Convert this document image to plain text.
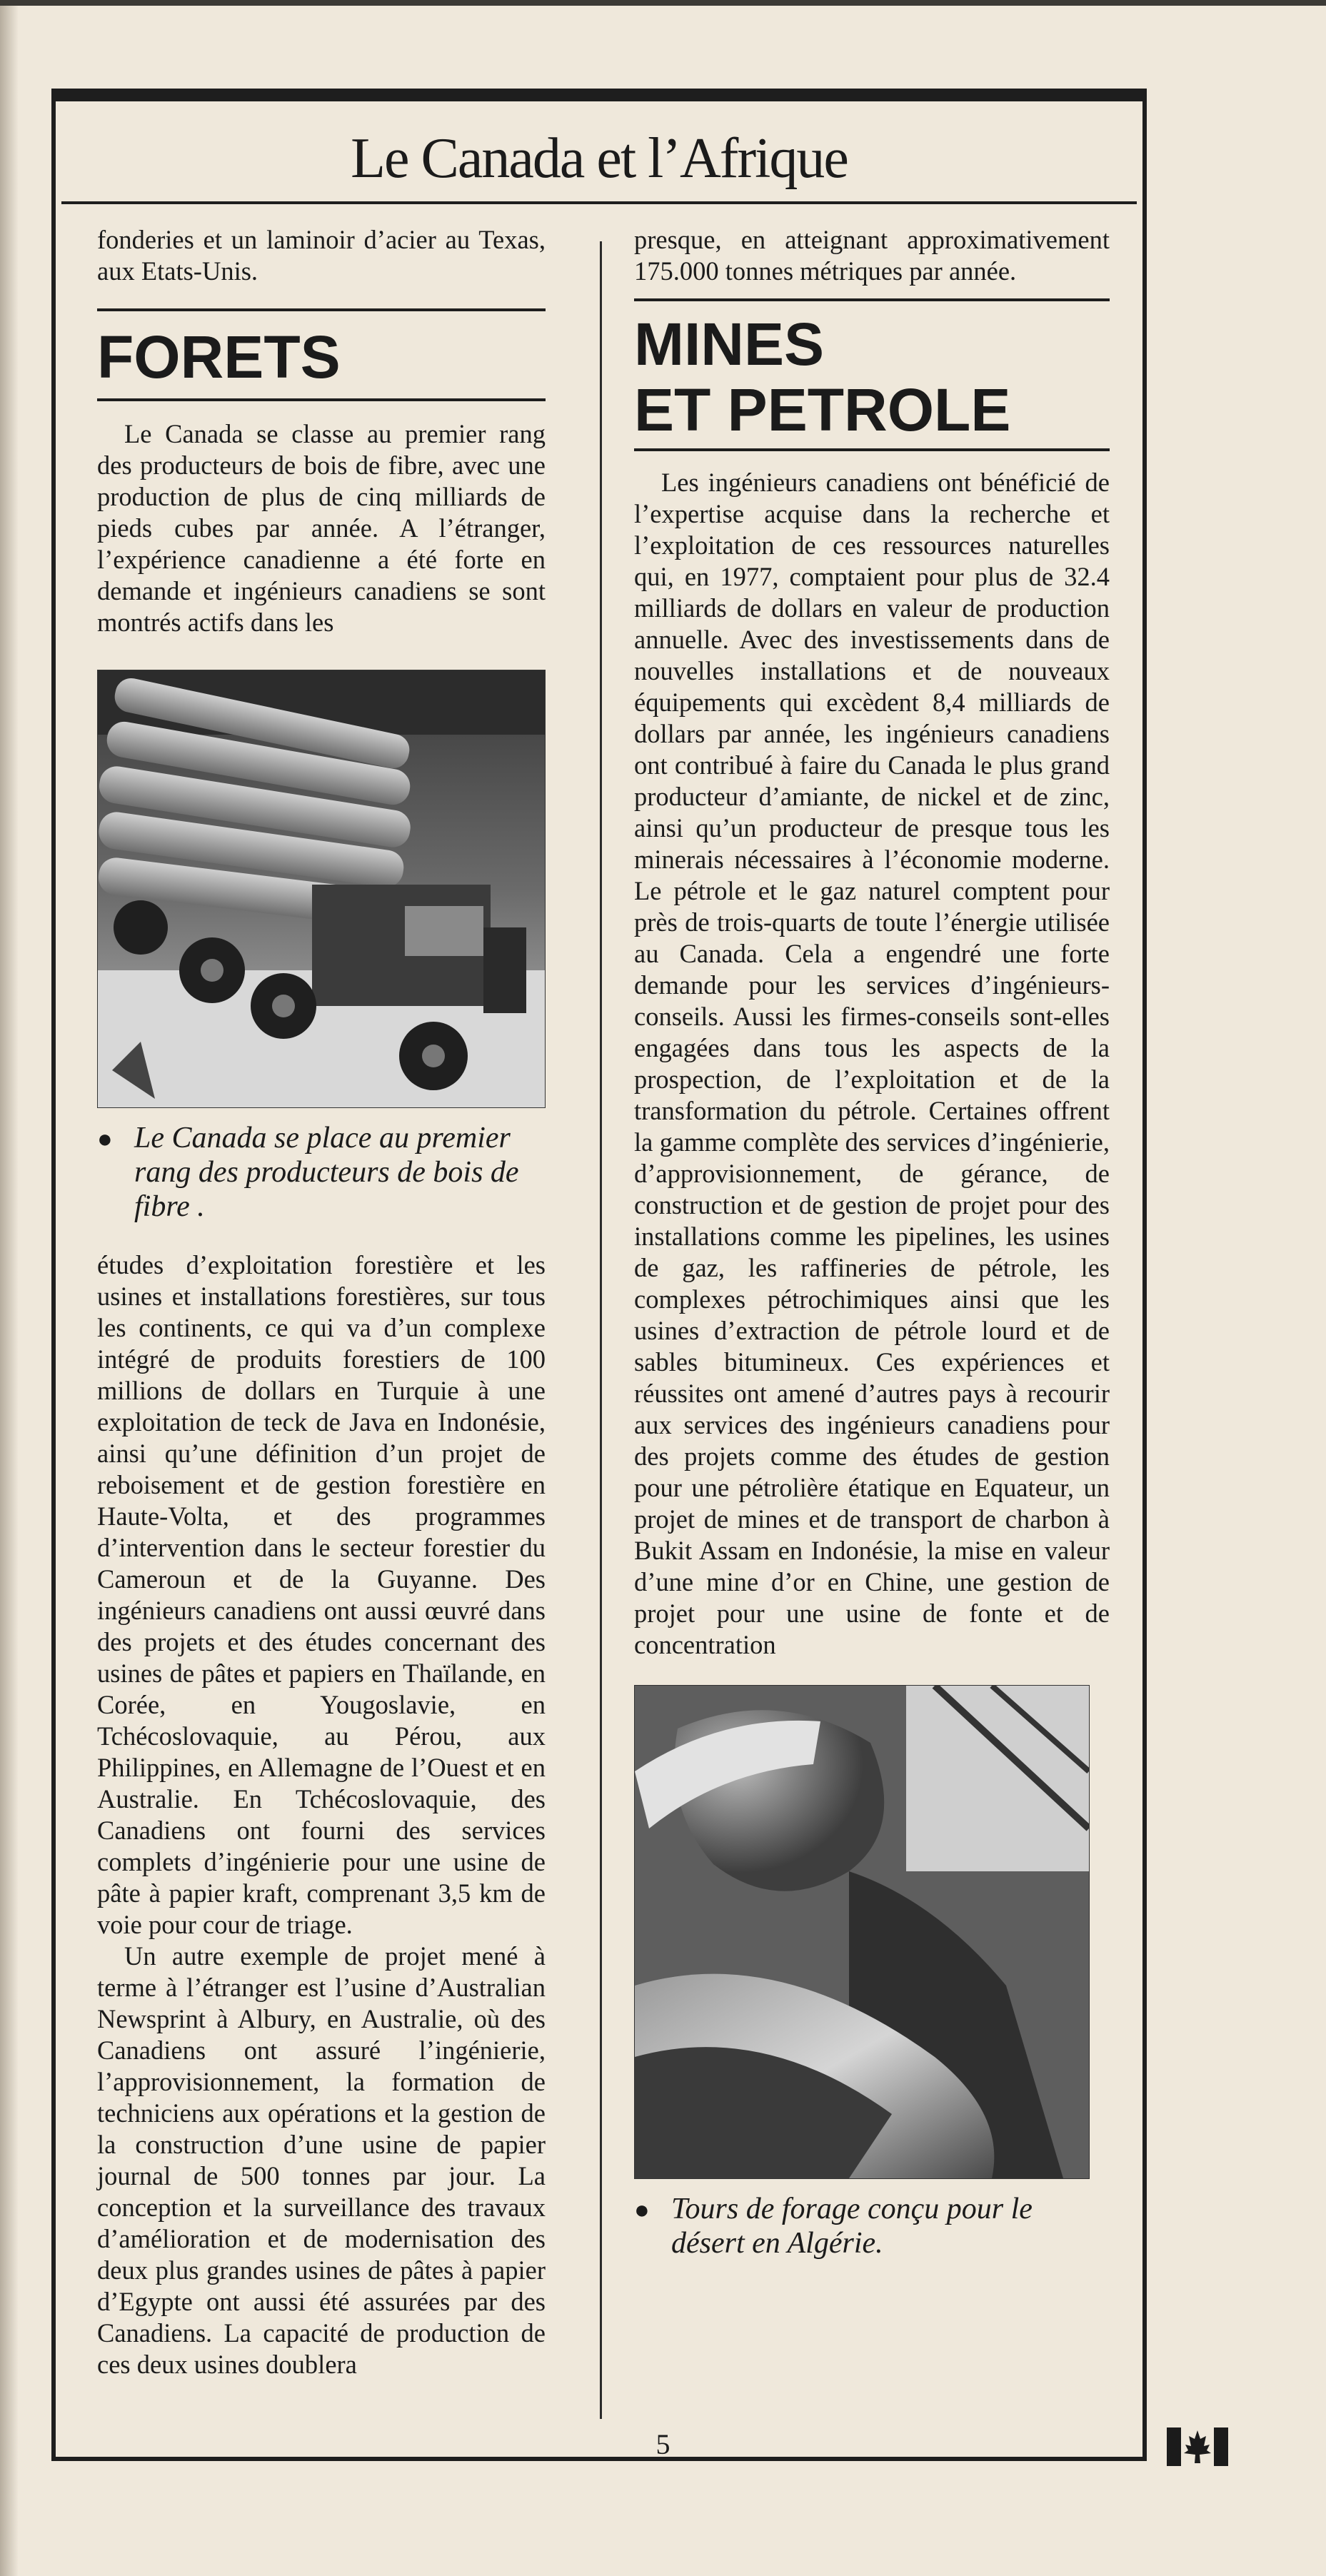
Le Canada et l’Afrique

fonderies et un laminoir d’acier au Texas, aux Etats-Unis.

FORETS

Le Canada se classe au premier rang des producteurs de bois de fibre, avec une production de plus de cinq milliards de pieds cubes par année. A l’étranger, l’expérience canadienne a été forte en demande et ingénieurs canadiens se sont montrés actifs dans les

● Le Canada se place au premier rang des producteurs de bois de fibre .

études d’exploitation forestière et les usines et installations forestières, sur tous les continents, ce qui va d’un complexe intégré de produits forestiers de 100 millions de dollars en Turquie à une exploitation de teck de Java en Indonésie, ainsi qu’une définition d’un projet de reboisement et de gestion forestière en Haute-Volta, et des programmes d’intervention dans le secteur forestier du Cameroun et de la Guyanne. Des ingénieurs canadiens ont aussi œuvré dans des projets et des études concernant des usines de pâtes et papiers en Thaïlande, en Corée, en Yougoslavie, en Tchécoslovaquie, au Pérou, aux Philippines, en Allemagne de l’Ouest et en Australie. En Tchécoslovaquie, des Canadiens ont fourni des services complets d’ingénierie pour une usine de pâte à papier kraft, comprenant 3,5 km de voie pour cour de triage.

Un autre exemple de projet mené à terme à l’étranger est l’usine d’Australian Newsprint à Albury, en Australie, où des Canadiens ont assuré l’ingénierie, l’approvisionnement, la formation de techniciens aux opérations et la gestion de la construction d’une usine de papier journal de 500 tonnes par jour. La conception et la surveillance des travaux d’amélioration et de modernisation des deux plus grandes usines de pâtes à papier d’Egypte ont aussi été assurées par des Canadiens. La capacité de production de ces deux usines doublera

presque, en atteignant approximativement 175.000 tonnes métriques par année.

MINES
ET PETROLE

Les ingénieurs canadiens ont bénéficié de l’expertise acquise dans la recherche et l’exploitation de ces ressources naturelles qui, en 1977, comptaient pour plus de 32.4 milliards de dollars en valeur de production annuelle. Avec des investissements dans de nouvelles installations et de nouveaux équipements qui excèdent 8,4 milliards de dollars par année, les ingénieurs canadiens ont contribué à faire du Canada le plus grand producteur d’amiante, de nickel et de zinc, ainsi qu’un producteur de presque tous les minerais nécessaires à l’économie moderne. Le pétrole et le gaz naturel comptent pour près de trois-quarts de toute l’énergie utilisée au Canada. Cela a engendré une forte demande pour les services d’ingénieurs-conseils. Aussi les firmes-conseils sont-elles engagées dans tous les aspects de la prospection, de l’exploitation et de la transformation du pétrole. Certaines offrent la gamme complète des services d’ingénierie, d’approvisionnement, de gérance, de construction et de gestion de projet pour des installations comme les pipelines, les usines de gaz, les raffineries de pétrole, les complexes pétrochimiques ainsi que les usines d’extraction de pétrole lourd et de sables bitumineux. Ces expériences et réussites ont amené d’autres pays à recourir aux services des ingénieurs canadiens pour des projets comme des études de gestion pour une pétrolière étatique en Equateur, un projet de mines et de transport de charbon à Bukit Assam en Indonésie, la mise en valeur d’une mine d’or en Chine, une gestion de projet pour une usine de fonte et de concentration

● Tours de forage conçu pour le désert en Algérie.
5
